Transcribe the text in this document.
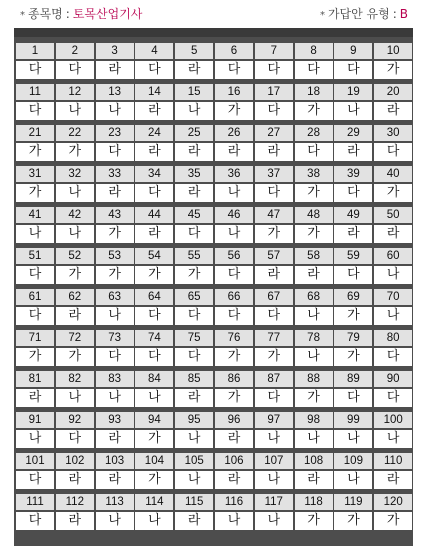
* 종목명 : 토목산업기사	* 가답안 유형 : B
1	2	3	4	5	6	7	8	9	10
다	다	라	다	라	다	다	다	다	가
11	12	13	14	15	16	17	18	19	20
다	나	나	라	나	가	다	가	나	라
21	22	23	24	25	26	27	28	29	30
가	가	다	라	라	라	라	다	라	다
31	32	33	34	35	36	37	38	39	40
가	나	라	다	라	나	다	가	다	가
41	42	43	44	45	46	47	48	49	50
나	나	가	라	다	나	가	가	라	라
51	52	53	54	55	56	57	58	59	60
다	가	가	가	가	다	라	라	다	나
61	62	63	64	65	66	67	68	69	70
다	라	나	다	다	다	다	나	가	나
71	72	73	74	75	76	77	78	79	80
가	가	다	다	다	가	가	나	가	다
81	82	83	84	85	86	87	88	89	90
라	나	나	나	라	가	다	가	다	다
91	92	93	94	95	96	97	98	99	100
나	다	라	가	나	라	나	나	나	나
101	102	103	104	105	106	107	108	109	110
다	라	라	가	나	라	나	라	나	라
111	112	113	114	115	116	117	118	119	120
다	라	나	나	라	나	나	가	가	가
